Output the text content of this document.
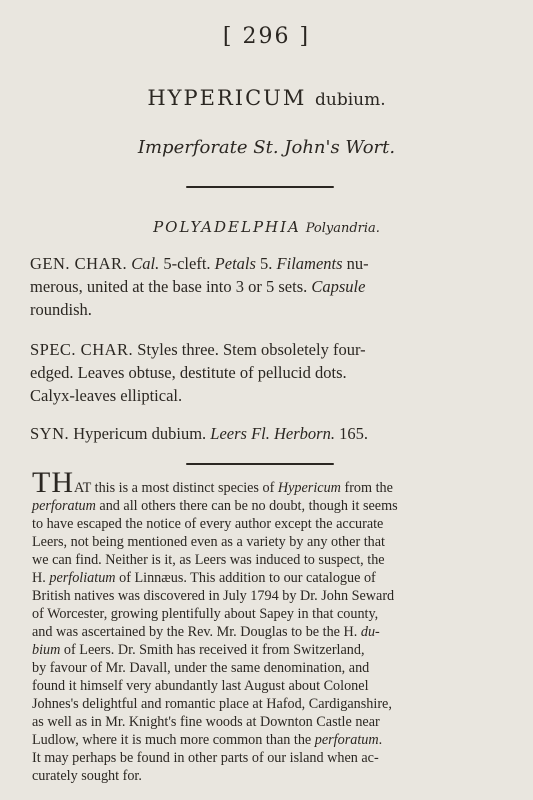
[ 296 ]
HYPERICUM dubium.
Imperforate St. John's Wort.
POLYADELPHIA Polyandria.
GEN. CHAR. Cal. 5-cleft. Petals 5. Filaments nu-
merous, united at the base into 3 or 5 sets. Capsule
roundish.
SPEC. CHAR. Styles three. Stem obsoletely four-
edged. Leaves obtuse, destitute of pellucid dots.
Calyx-leaves elliptical.
SYN. Hypericum dubium. Leers Fl. Herborn. 165.
THAT this is a most distinct species of Hypericum from the
perforatum and all others there can be no doubt, though it seems
to have escaped the notice of every author except the accurate
Leers, not being mentioned even as a variety by any other that
we can find. Neither is it, as Leers was induced to suspect, the
H. perfoliatum of Linnæus. This addition to our catalogue of
British natives was discovered in July 1794 by Dr. John Seward
of Worcester, growing plentifully about Sapey in that county,
and was ascertained by the Rev. Mr. Douglas to be the H. du-
bium of Leers. Dr. Smith has received it from Switzerland,
by favour of Mr. Davall, under the same denomination, and
found it himself very abundantly last August about Colonel
Johnes's delightful and romantic place at Hafod, Cardiganshire,
as well as in Mr. Knight's fine woods at Downton Castle near
Ludlow, where it is much more common than the perforatum.
It may perhaps be found in other parts of our island when ac-
curately sought for.
